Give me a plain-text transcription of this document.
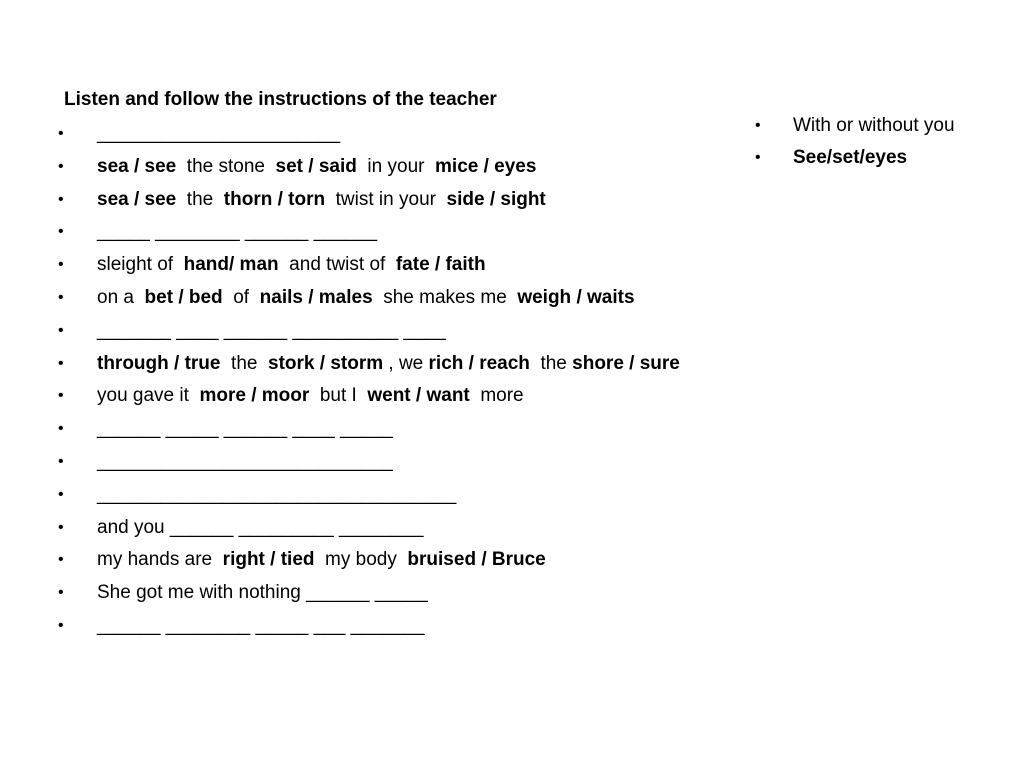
Listen and follow the instructions of the teacher
• _______________________
• sea / see  the stone  set / said  in your  mice / eyes
• sea / see  the  thorn / torn  twist in your  side / sight
• _____ ________ ______ ______
• sleight of  hand/ man  and twist of  fate / faith
• on a  bet / bed  of  nails / males  she makes me  weigh / waits
• _______ ____ ______ __________ ____
• through / true  the  stork / storm , we rich / reach  the shore / sure
• you gave it  more / moor  but I  went / want  more
• ______ _____ ______ ____ _____
• ____________________________
• __________________________________
• and you ______ _________ ________
• my hands are  right / tied  my body  bruised / Bruce
• She got me with nothing ______ _____
• ______ ________ _____ ___ _______
• With or without you
• See/set/eyes
